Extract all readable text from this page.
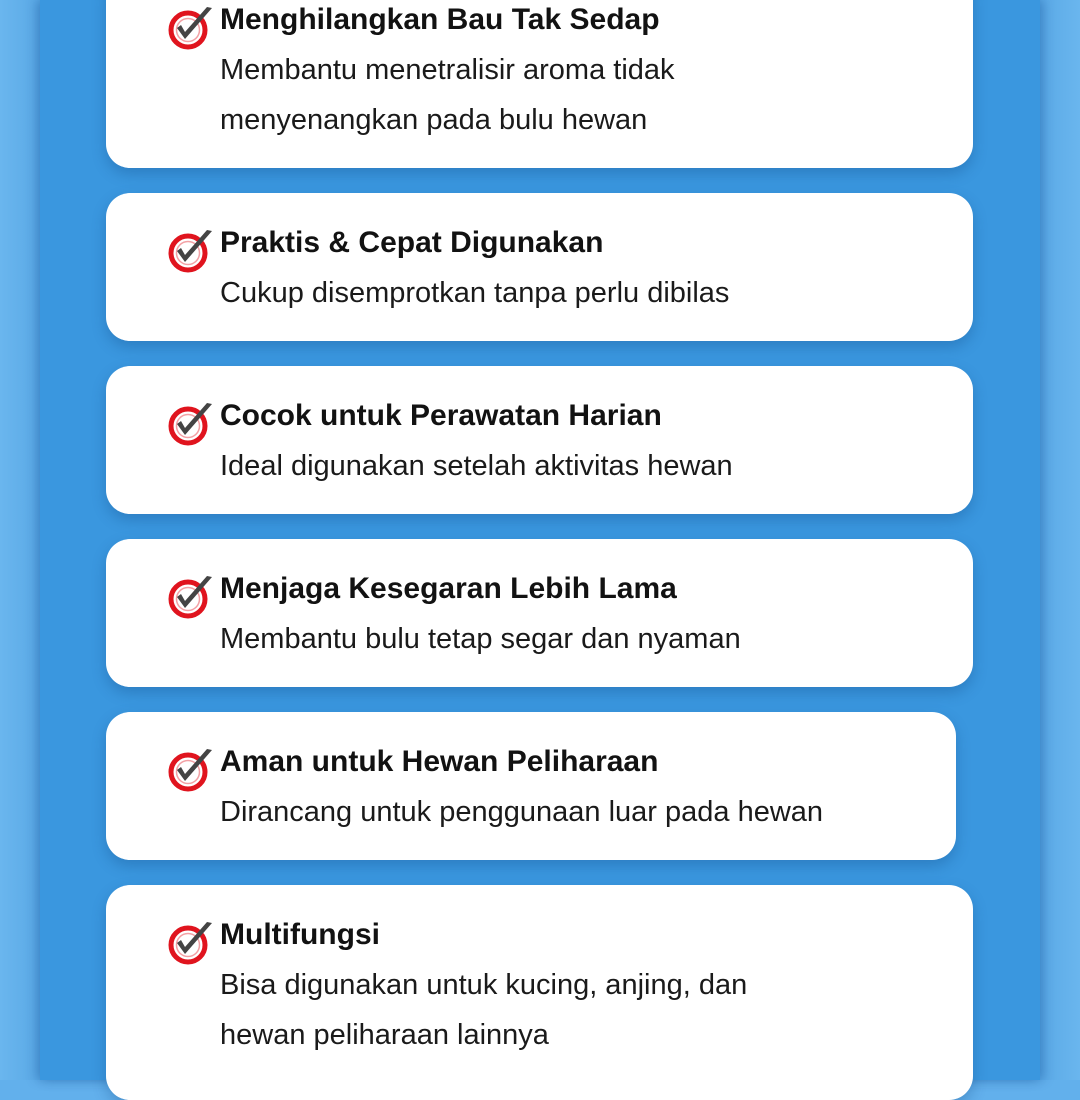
Menghilangkan Bau Tak Sedap
Membantu menetralisir aroma tidak
menyenangkan pada bulu hewan
Praktis & Cepat Digunakan
Cukup disemprotkan tanpa perlu dibilas
Cocok untuk Perawatan Harian
Ideal digunakan setelah aktivitas hewan
Menjaga Kesegaran Lebih Lama
Membantu bulu tetap segar dan nyaman
Aman untuk Hewan Peliharaan
Dirancang untuk penggunaan luar pada hewan
Multifungsi
Bisa digunakan untuk kucing, anjing, dan
hewan peliharaan lainnya
